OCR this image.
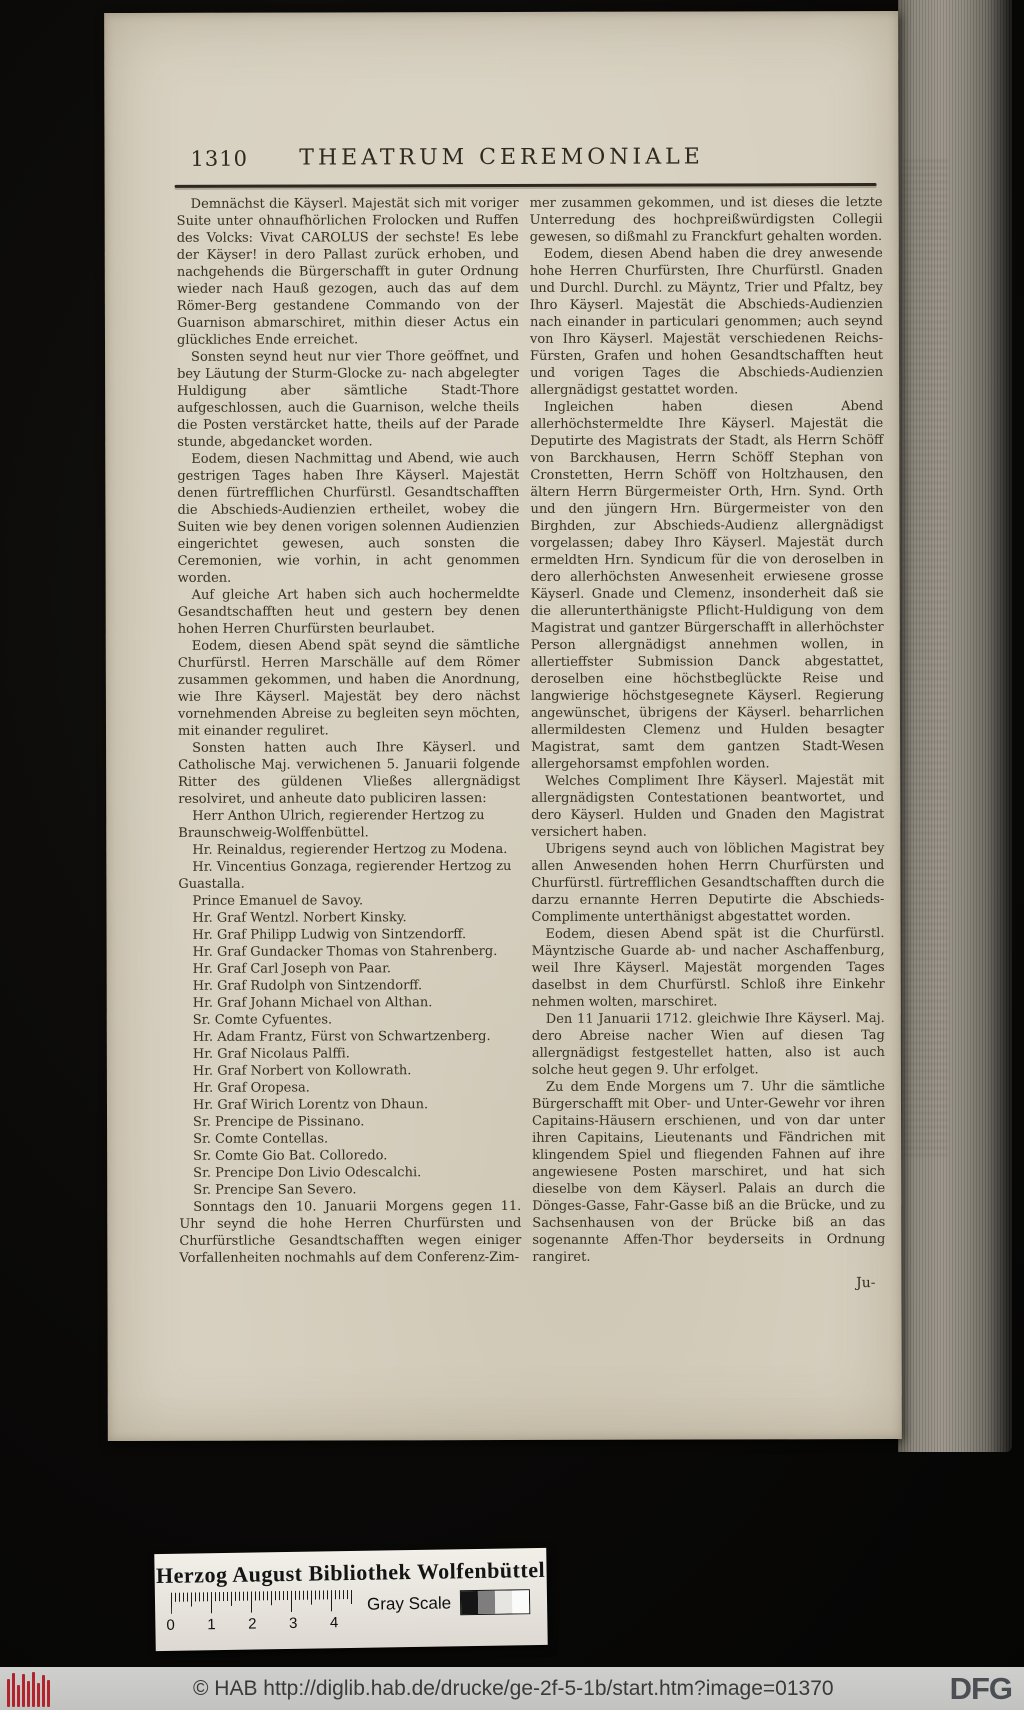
1310	THEATRUM CEREMONIALE

Demnächst die Käyserl. Majestät sich mit voriger Suite unter ohnaufhörlichen Frolocken und Ruffen des Volcks: Vivat CAROLUS der sechste! Es lebe der Käyser! in dero Pallast zurück erhoben, und nachgehends die Bürgerschafft in guter Ordnung wieder nach Hauß gezogen, auch das auf dem Römer-Berg gestandene Commando von der Guarnison abmarschiret, mithin dieser Actus ein glückliches Ende erreichet.

Sonsten seynd heut nur vier Thore geöffnet, und bey Läutung der Sturm-Glocke zu- nach abgelegter Huldigung aber sämtliche Stadt-Thore aufgeschlossen, auch die Guarnison, welche theils die Posten verstärcket hatte, theils auf der Parade stunde, abgedancket worden.

Eodem, diesen Nachmittag und Abend, wie auch gestrigen Tages haben Ihre Käyserl. Majestät denen fürtrefflichen Churfürstl. Gesandtschafften die Abschieds-Audienzien ertheilet, wobey die Suiten wie bey denen vorigen solennen Audienzien eingerichtet gewesen, auch sonsten die Ceremonien, wie vorhin, in acht genommen worden.

Auf gleiche Art haben sich auch hochermeldte Gesandtschafften heut und gestern bey denen hohen Herren Churfürsten beurlaubet.

Eodem, diesen Abend spät seynd die sämtliche Churfürstl. Herren Marschälle auf dem Römer zusammen gekommen, und haben die Anordnung, wie Ihre Käyserl. Majestät bey dero nächst vornehmenden Abreise zu begleiten seyn möchten, mit einander reguliret.

Sonsten hatten auch Ihre Käyserl. und Catholische Maj. verwichenen 5. Januarii folgende Ritter des güldenen Vließes allergnädigst resolviret, und anheute dato publiciren lassen:

Herr Anthon Ulrich, regierender Hertzog zu Braunschweig-Wolffenbüttel.

Hr. Reinaldus, regierender Hertzog zu Modena.

Hr. Vincentius Gonzaga, regierender Hertzog zu Guastalla.

Prince Emanuel de Savoy.

Hr. Graf Wentzl. Norbert Kinsky.

Hr. Graf Philipp Ludwig von Sintzendorff.

Hr. Graf Gundacker Thomas von Stahrenberg.

Hr. Graf Carl Joseph von Paar.

Hr. Graf Rudolph von Sintzendorff.

Hr. Graf Johann Michael von Althan.

Sr. Comte Cyfuentes.

Hr. Adam Frantz, Fürst von Schwartzenberg.

Hr. Graf Nicolaus Palffi.

Hr. Graf Norbert von Kollowrath.

Hr. Graf Oropesa.

Hr. Graf Wirich Lorentz von Dhaun.

Sr. Prencipe de Pissinano.

Sr. Comte Contellas.

Sr. Comte Gio Bat. Colloredo.

Sr. Prencipe Don Livio Odescalchi.

Sr. Prencipe San Severo.

Sonntags den 10. Januarii Morgens gegen 11. Uhr seynd die hohe Herren Churfürsten und Churfürstliche Gesandtschafften wegen einiger Vorfallenheiten nochmahls auf dem Conferenz-Zim-

mer zusammen gekommen, und ist dieses die letzte Unterredung des hochpreißwürdigsten Collegii gewesen, so dißmahl zu Franckfurt gehalten worden.

Eodem, diesen Abend haben die drey anwesende hohe Herren Churfürsten, Ihre Churfürstl. Gnaden und Durchl. Durchl. zu Mäyntz, Trier und Pfaltz, bey Ihro Käyserl. Majestät die Abschieds-Audienzien nach einander in particulari genommen; auch seynd von Ihro Käyserl. Majestät verschiedenen Reichs-Fürsten, Grafen und hohen Gesandtschafften heut und vorigen Tages die Abschieds-Audienzien allergnädigst gestattet worden.

Ingleichen haben diesen Abend allerhöchstermeldte Ihre Käyserl. Majestät die Deputirte des Magistrats der Stadt, als Herrn Schöff von Barckhausen, Herrn Schöff Stephan von Cronstetten, Herrn Schöff von Holtzhausen, den ältern Herrn Bürgermeister Orth, Hrn. Synd. Orth und den jüngern Hrn. Bürgermeister von den Birghden, zur Abschieds-Audienz allergnädigst vorgelassen; dabey Ihro Käyserl. Majestät durch ermeldten Hrn. Syndicum für die von deroselben in dero allerhöchsten Anwesenheit erwiesene grosse Käyserl. Gnade und Clemenz, insonderheit daß sie die allerunterthänigste Pflicht-Huldigung von dem Magistrat und gantzer Bürgerschafft in allerhöchster Person allergnädigst annehmen wollen, in allertieffster Submission Danck abgestattet, deroselben eine höchstbeglückte Reise und langwierige höchstgesegnete Käyserl. Regierung angewünschet, übrigens der Käyserl. beharrlichen allermildesten Clemenz und Hulden besagter Magistrat, samt dem gantzen Stadt-Wesen allergehorsamst empfohlen worden.

Welches Compliment Ihre Käyserl. Majestät mit allergnädigsten Contestationen beantwortet, und dero Käyserl. Hulden und Gnaden den Magistrat versichert haben.

Ubrigens seynd auch von löblichen Magistrat bey allen Anwesenden hohen Herrn Churfürsten und Churfürstl. fürtrefflichen Gesandtschafften durch die darzu ernannte Herren Deputirte die Abschieds-Complimente unterthänigst abgestattet worden.

Eodem, diesen Abend spät ist die Churfürstl. Mäyntzische Guarde ab- und nacher Aschaffenburg, weil Ihre Käyserl. Majestät morgenden Tages daselbst in dem Churfürstl. Schloß ihre Einkehr nehmen wolten, marschiret.

Den 11 Januarii 1712. gleichwie Ihre Käyserl. Maj. dero Abreise nacher Wien auf diesen Tag allergnädigst festgestellet hatten, also ist auch solche heut gegen 9. Uhr erfolget.

Zu dem Ende Morgens um 7. Uhr die sämtliche Bürgerschafft mit Ober- und Unter-Gewehr vor ihren Capitains-Häusern erschienen, und von dar unter ihren Capitains, Lieutenants und Fändrichen mit klingendem Spiel und fliegenden Fahnen auf ihre angewiesene Posten marschiret, und hat sich dieselbe von dem Käyserl. Palais an durch die Dönges-Gasse, Fahr-Gasse biß an die Brücke, und zu Sachsenhausen von der Brücke biß an das sogenannte Affen-Thor beyderseits in Ordnung rangiret.

Ju-

Herzog August Bibliothek Wolfenbüttel
0 1 2 3 4
Gray Scale
© HAB http://diglib.hab.de/drucke/ge-2f-5-1b/start.htm?image=01370	DFG
